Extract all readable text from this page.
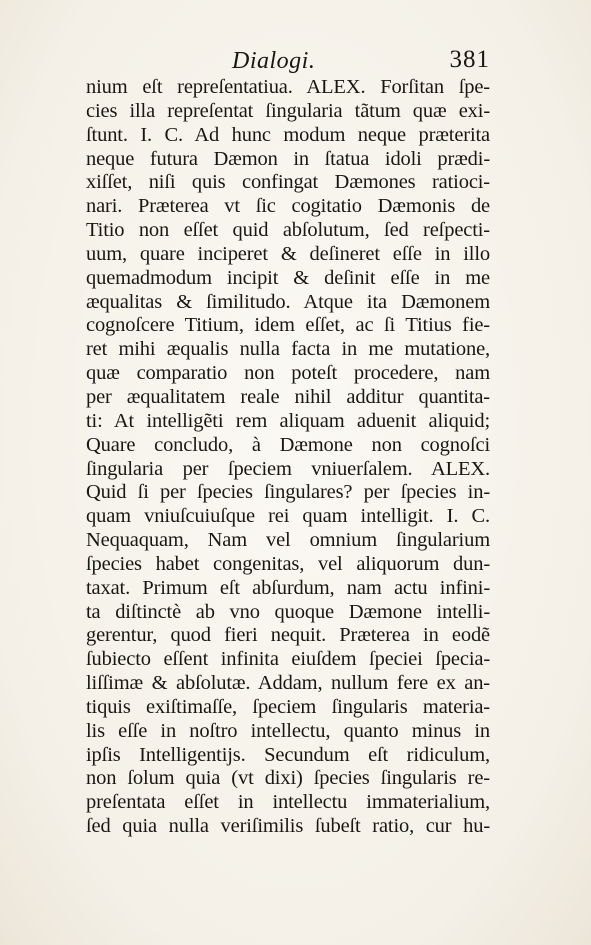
Dialogi.	381
nium eſt repreſentatiua. ALEX. Forſitan ſpe-
cies illa repreſentat ſingularia tãtum quæ exi-
ſtunt. I. C. Ad hunc modum neque præterita
neque futura Dæmon in ſtatua idoli prædi-
xiſſet, niſi quis confingat Dæmones ratioci-
nari. Præterea vt ſic cogitatio Dæmonis de
Titio non eſſet quid abſolutum, ſed reſpecti-
uum, quare inciperet & deſineret eſſe in illo
quemadmodum incipit & deſinit eſſe in me
æqualitas & ſimilitudo. Atque ita Dæmonem
cognoſcere Titium, idem eſſet, ac ſi Titius fie-
ret mihi æqualis nulla facta in me mutatione,
quæ comparatio non poteſt procedere, nam
per æqualitatem reale nihil additur quantita-
ti: At intelligẽti rem aliquam aduenit aliquid;
Quare concludo, à Dæmone non cognoſci
ſingularia per ſpeciem vniuerſalem. ALEX.
Quid ſi per ſpecies ſingulares? per ſpecies in-
quam vniuſcuiuſque rei quam intelligit. I. C.
Nequaquam, Nam vel omnium ſingularium
ſpecies habet congenitas, vel aliquorum dun-
taxat. Primum eſt abſurdum, nam actu infini-
ta diſtinctè ab vno quoque Dæmone intelli-
gerentur, quod fieri nequit. Præterea in eodẽ
ſubiecto eſſent infinita eiuſdem ſpeciei ſpecia-
liſſimæ & abſolutæ. Addam, nullum fere ex an-
tiquis exiſtimaſſe, ſpeciem ſingularis materia-
lis eſſe in noſtro intellectu, quanto minus in
ipſis Intelligentijs. Secundum eſt ridiculum,
non ſolum quia (vt dixi) ſpecies ſingularis re-
preſentata eſſet in intellectu immaterialium,
ſed quia nulla veriſimilis ſubeſt ratio, cur hu-
